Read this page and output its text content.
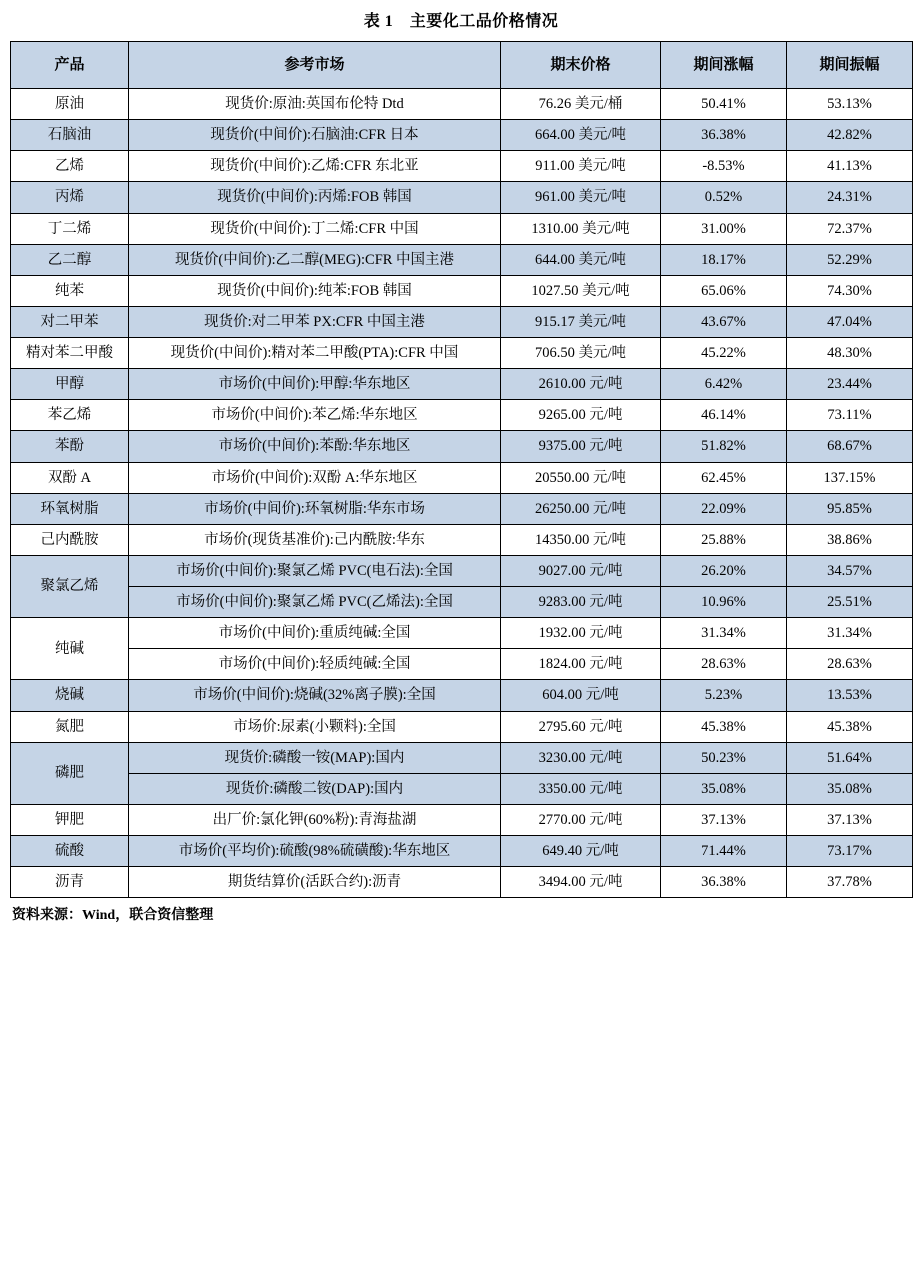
表 1　主要化工品价格情况
产品	参考市场	期末价格	期间涨幅	期间振幅
原油	现货价:原油:英国布伦特 Dtd	76.26 美元/桶	50.41%	53.13%
石脑油	现货价(中间价):石脑油:CFR 日本	664.00 美元/吨	36.38%	42.82%
乙烯	现货价(中间价):乙烯:CFR 东北亚	911.00 美元/吨	-8.53%	41.13%
丙烯	现货价(中间价):丙烯:FOB 韩国	961.00 美元/吨	0.52%	24.31%
丁二烯	现货价(中间价):丁二烯:CFR 中国	1310.00 美元/吨	31.00%	72.37%
乙二醇	现货价(中间价):乙二醇(MEG):CFR 中国主港	644.00 美元/吨	18.17%	52.29%
纯苯	现货价(中间价):纯苯:FOB 韩国	1027.50 美元/吨	65.06%	74.30%
对二甲苯	现货价:对二甲苯 PX:CFR 中国主港	915.17 美元/吨	43.67%	47.04%
精对苯二甲酸	现货价(中间价):精对苯二甲酸(PTA):CFR 中国	706.50 美元/吨	45.22%	48.30%
甲醇	市场价(中间价):甲醇:华东地区	2610.00 元/吨	6.42%	23.44%
苯乙烯	市场价(中间价):苯乙烯:华东地区	9265.00 元/吨	46.14%	73.11%
苯酚	市场价(中间价):苯酚:华东地区	9375.00 元/吨	51.82%	68.67%
双酚 A	市场价(中间价):双酚 A:华东地区	20550.00 元/吨	62.45%	137.15%
环氧树脂	市场价(中间价):环氧树脂:华东市场	26250.00 元/吨	22.09%	95.85%
己内酰胺	市场价(现货基准价):己内酰胺:华东	14350.00 元/吨	25.88%	38.86%
聚氯乙烯	市场价(中间价):聚氯乙烯 PVC(电石法):全国	9027.00 元/吨	26.20%	34.57%
	市场价(中间价):聚氯乙烯 PVC(乙烯法):全国	9283.00 元/吨	10.96%	25.51%
纯碱	市场价(中间价):重质纯碱:全国	1932.00 元/吨	31.34%	31.34%
	市场价(中间价):轻质纯碱:全国	1824.00 元/吨	28.63%	28.63%
烧碱	市场价(中间价):烧碱(32%离子膜):全国	604.00 元/吨	5.23%	13.53%
氮肥	市场价:尿素(小颗料):全国	2795.60 元/吨	45.38%	45.38%
磷肥	现货价:磷酸一铵(MAP):国内	3230.00 元/吨	50.23%	51.64%
	现货价:磷酸二铵(DAP):国内	3350.00 元/吨	35.08%	35.08%
钾肥	出厂价:氯化钾(60%粉):青海盐湖	2770.00 元/吨	37.13%	37.13%
硫酸	市场价(平均价):硫酸(98%硫磺酸):华东地区	649.40 元/吨	71.44%	73.17%
沥青	期货结算价(活跃合约):沥青	3494.00 元/吨	36.38%	37.78%
资料来源：Wind，联合资信整理
